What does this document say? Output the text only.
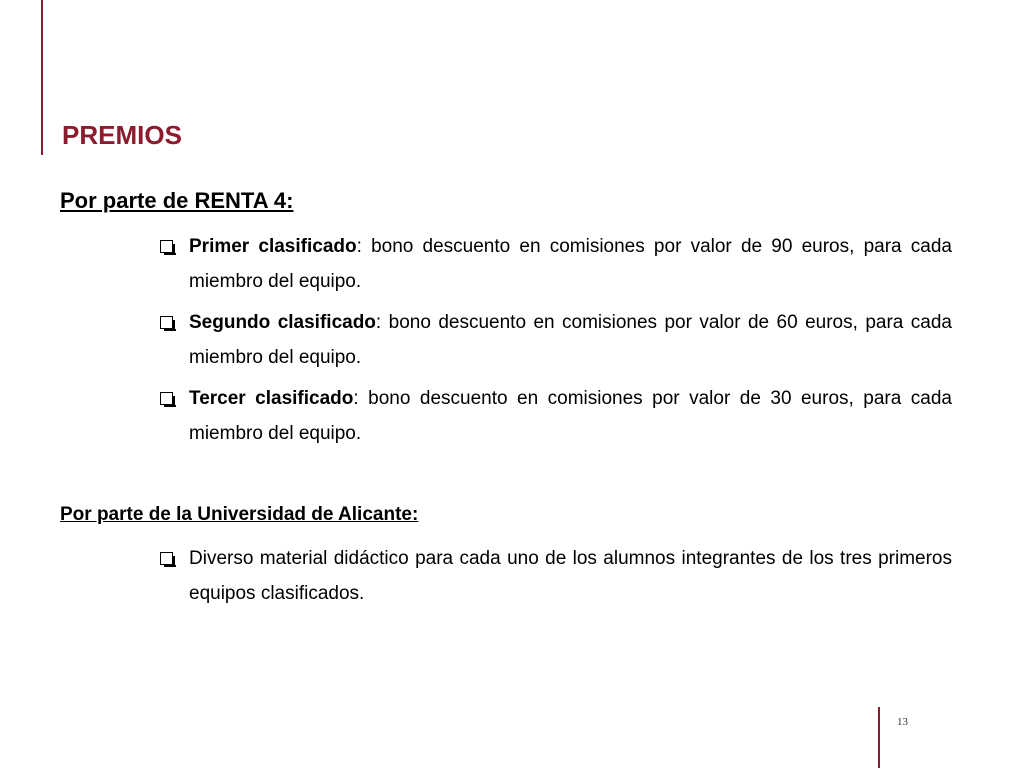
PREMIOS
Por parte de RENTA 4:
Primer clasificado: bono descuento en comisiones por valor de 90 euros, para cada miembro del equipo.
Segundo clasificado: bono descuento en comisiones por valor de 60 euros, para cada miembro del equipo.
Tercer clasificado: bono descuento en comisiones por valor de 30 euros, para cada miembro del equipo.
Por parte de la Universidad de Alicante:
Diverso material didáctico para cada uno de los alumnos integrantes de los tres primeros equipos clasificados.
13
